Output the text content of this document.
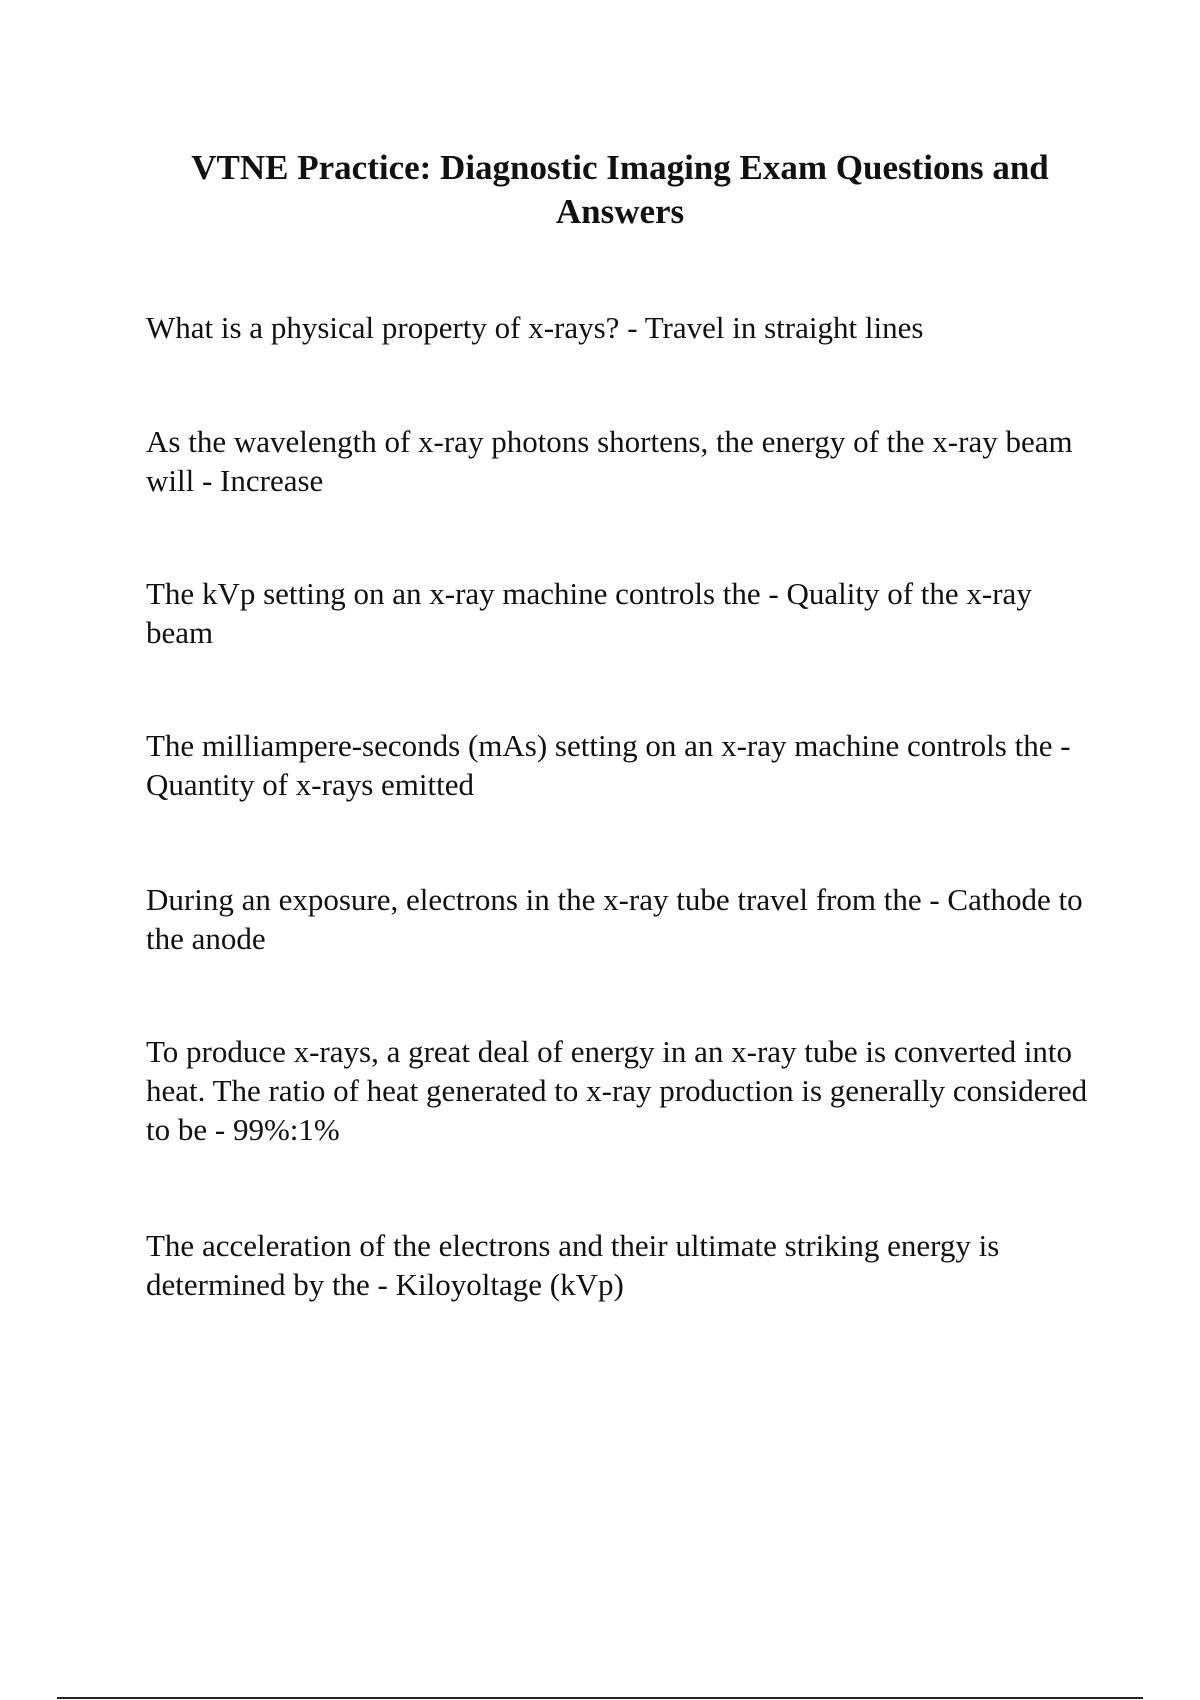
VTNE Practice: Diagnostic Imaging Exam Questions and Answers

What is a physical property of x-rays? - Travel in straight lines

As the wavelength of x-ray photons shortens, the energy of the x-ray beam will - Increase

The kVp setting on an x-ray machine controls the - Quality of the x-ray beam

The milliampere-seconds (mAs) setting on an x-ray machine controls the - Quantity of x-rays emitted

During an exposure, electrons in the x-ray tube travel from the - Cathode to the anode

To produce x-rays, a great deal of energy in an x-ray tube is converted into heat. The ratio of heat generated to x-ray production is generally considered to be - 99%:1%

The acceleration of the electrons and their ultimate striking energy is determined by the - Kiloyoltage (kVp)
